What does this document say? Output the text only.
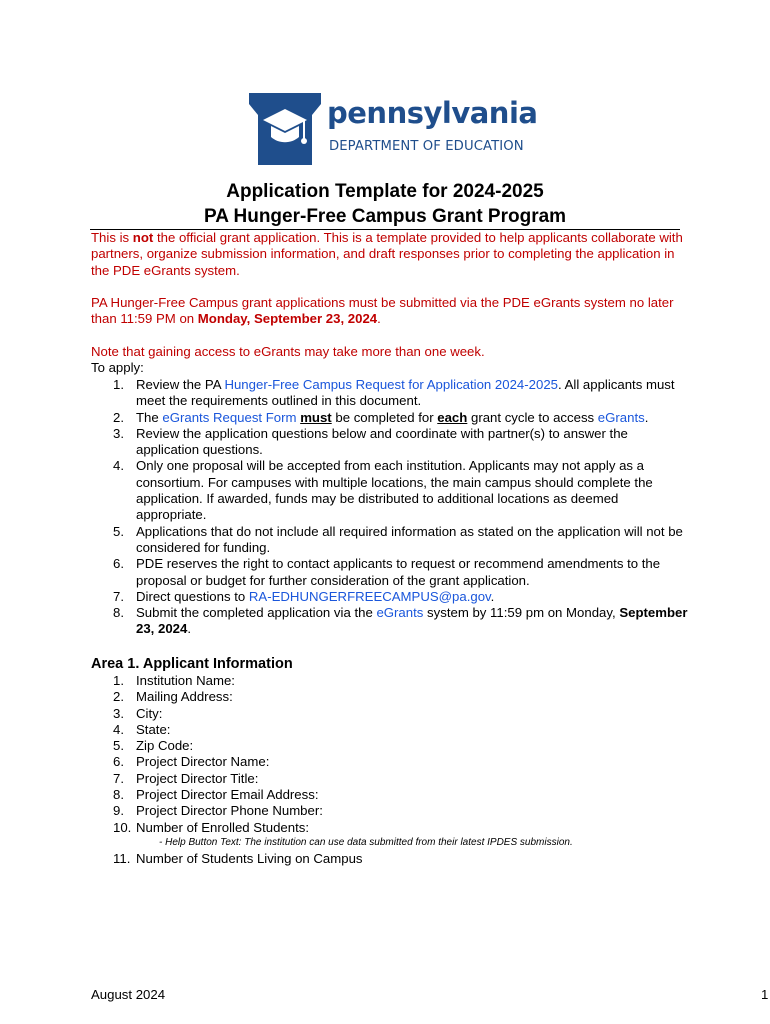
pennsylvania
DEPARTMENT OF EDUCATION
Application Template for 2024-2025
PA Hunger-Free Campus Grant Program
This is not the official grant application. This is a template provided to help applicants collaborate with partners, organize submission information, and draft responses prior to completing the application in the PDE eGrants system.
PA Hunger-Free Campus grant applications must be submitted via the PDE eGrants system no later than 11:59 PM on Monday, September 23, 2024.
Note that gaining access to eGrants may take more than one week.
To apply:
1. Review the PA Hunger-Free Campus Request for Application 2024-2025. All applicants must meet the requirements outlined in this document.
2. The eGrants Request Form must be completed for each grant cycle to access eGrants.
3. Review the application questions below and coordinate with partner(s) to answer the application questions.
4. Only one proposal will be accepted from each institution. Applicants may not apply as a consortium. For campuses with multiple locations, the main campus should complete the application. If awarded, funds may be distributed to additional locations as deemed appropriate.
5. Applications that do not include all required information as stated on the application will not be considered for funding.
6. PDE reserves the right to contact applicants to request or recommend amendments to the proposal or budget for further consideration of the grant application.
7. Direct questions to RA-EDHUNGERFREECAMPUS@pa.gov.
8. Submit the completed application via the eGrants system by 11:59 pm on Monday, September 23, 2024.
Area 1. Applicant Information
1. Institution Name:
2. Mailing Address:
3. City:
4. State:
5. Zip Code:
6. Project Director Name:
7. Project Director Title:
8. Project Director Email Address:
9. Project Director Phone Number:
10. Number of Enrolled Students:
- Help Button Text: The institution can use data submitted from their latest IPDES submission.
11. Number of Students Living on Campus
August 2024	1
